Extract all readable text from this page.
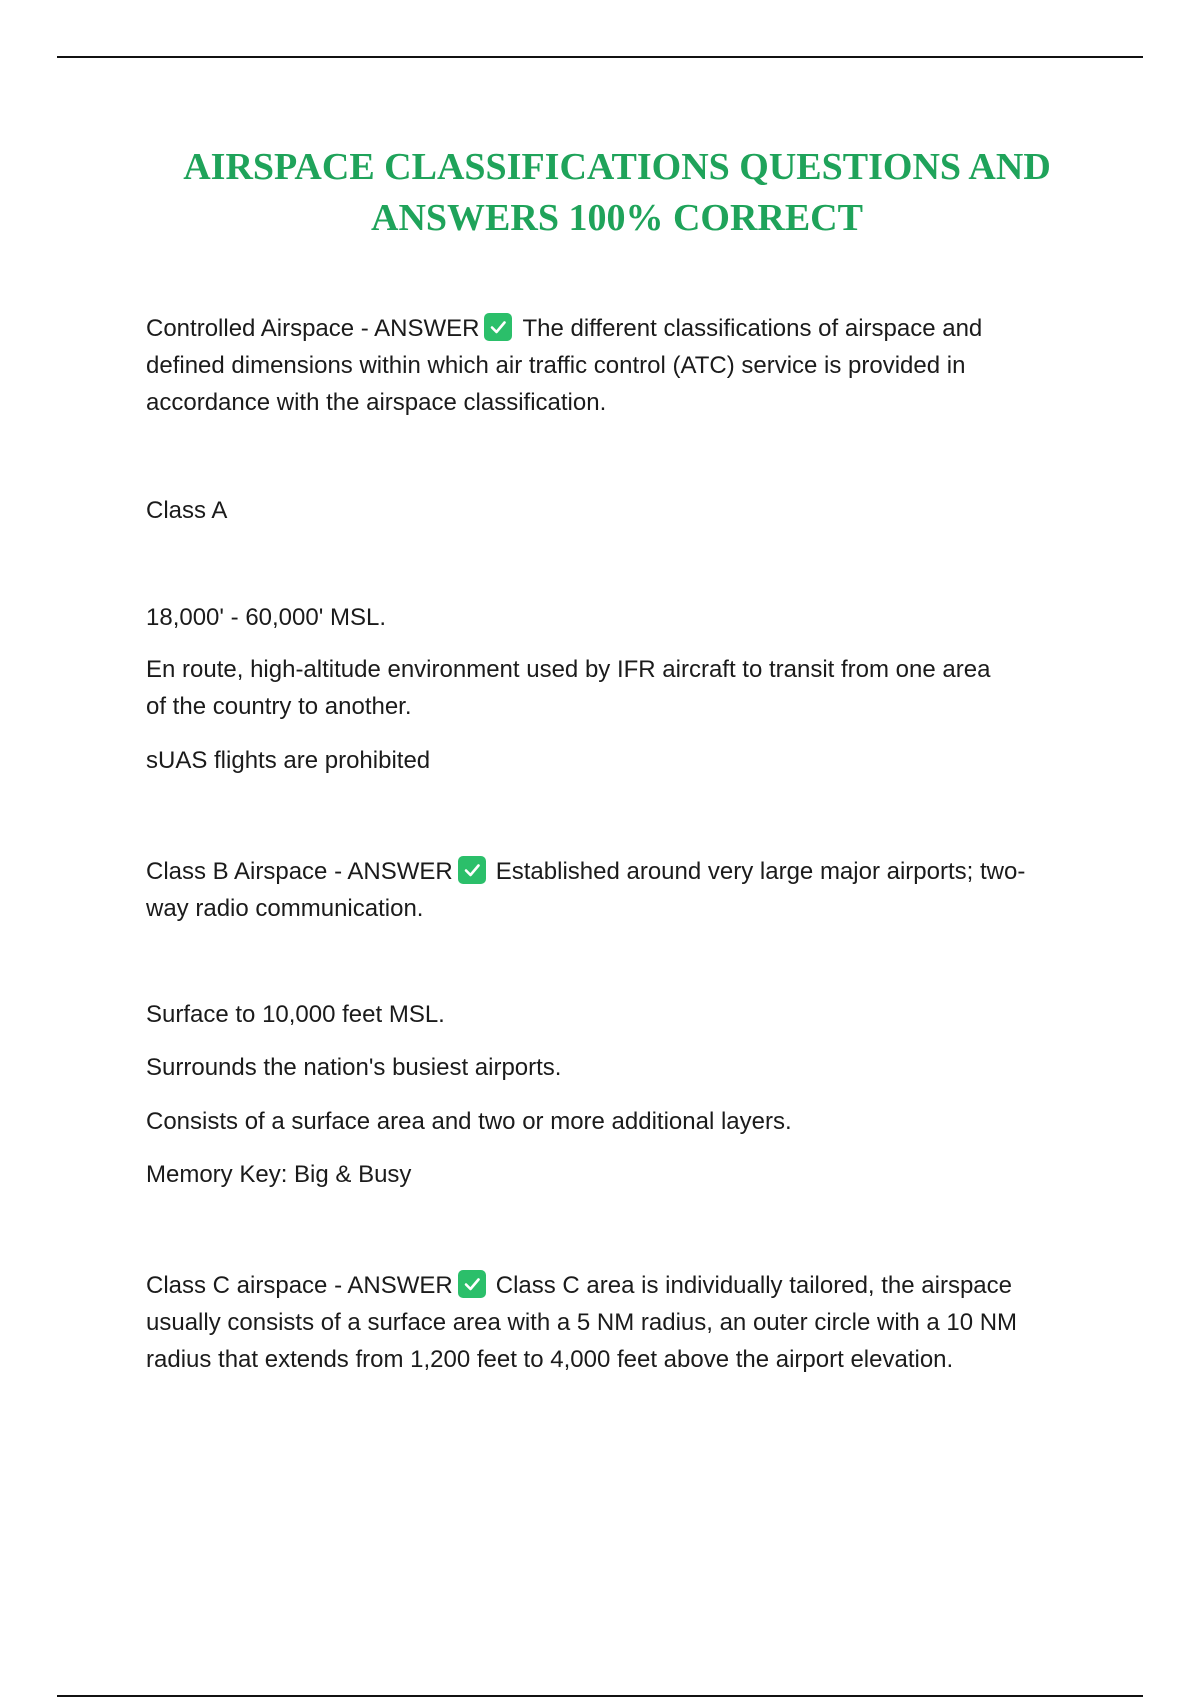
AIRSPACE CLASSIFICATIONS QUESTIONS AND
ANSWERS 100% CORRECT

Controlled Airspace - ANSWER The different classifications of airspace and
defined dimensions within which air traffic control (ATC) service is provided in
accordance with the airspace classification.

Class A

18,000' - 60,000' MSL.

En route, high-altitude environment used by IFR aircraft to transit from one area
of the country to another.

sUAS flights are prohibited

Class B Airspace - ANSWER Established around very large major airports; two-
way radio communication.

Surface to 10,000 feet MSL.

Surrounds the nation's busiest airports.

Consists of a surface area and two or more additional layers.

Memory Key: Big & Busy

Class C airspace - ANSWER Class C area is individually tailored, the airspace
usually consists of a surface area with a 5 NM radius, an outer circle with a 10 NM
radius that extends from 1,200 feet to 4,000 feet above the airport elevation.
